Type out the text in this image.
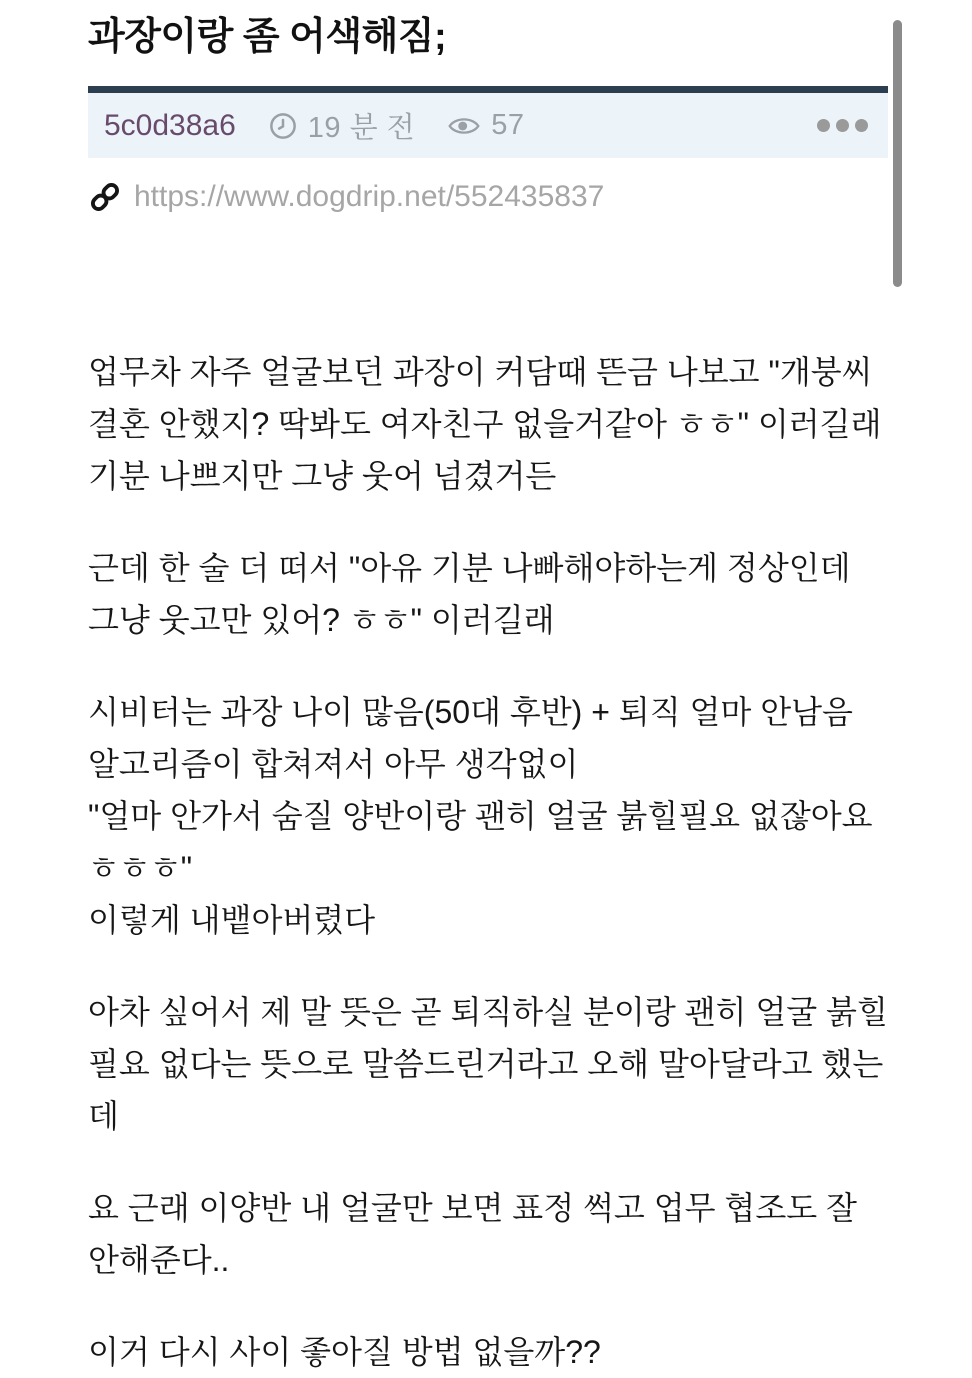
과장이랑 좀 어색해짐;
5c0d38a6 19 분 전	57
https://www.dogdrip.net/552435837

업무차 자주 얼굴보던 과장이 커담때 뜬금 나보고 "개붕씨 결혼 안했지? 딱봐도 여자친구 없을거같아 ㅎㅎ" 이러길래 기분 나쁘지만 그냥 웃어 넘겼거든

근데 한 술 더 떠서 "아유 기분 나빠해야하는게 정상인데 그냥 웃고만 있어? ㅎㅎ" 이러길래

시비터는 과장 나이 많음(50대 후반) + 퇴직 얼마 안남음 알고리즘이 합쳐져서 아무 생각없이
"얼마 안가서 숨질 양반이랑 괜히 얼굴 붉힐필요 없잖아요 ㅎㅎㅎ"
이렇게 내뱉아버렸다

아차 싶어서 제 말 뜻은 곧 퇴직하실 분이랑 괜히 얼굴 붉힐필요 없다는 뜻으로 말씀드린거라고 오해 말아달라고 했는데

요 근래 이양반 내 얼굴만 보면 표정 썩고 업무 협조도 잘 안해준다..

이거 다시 사이 좋아질 방법 없을까??
